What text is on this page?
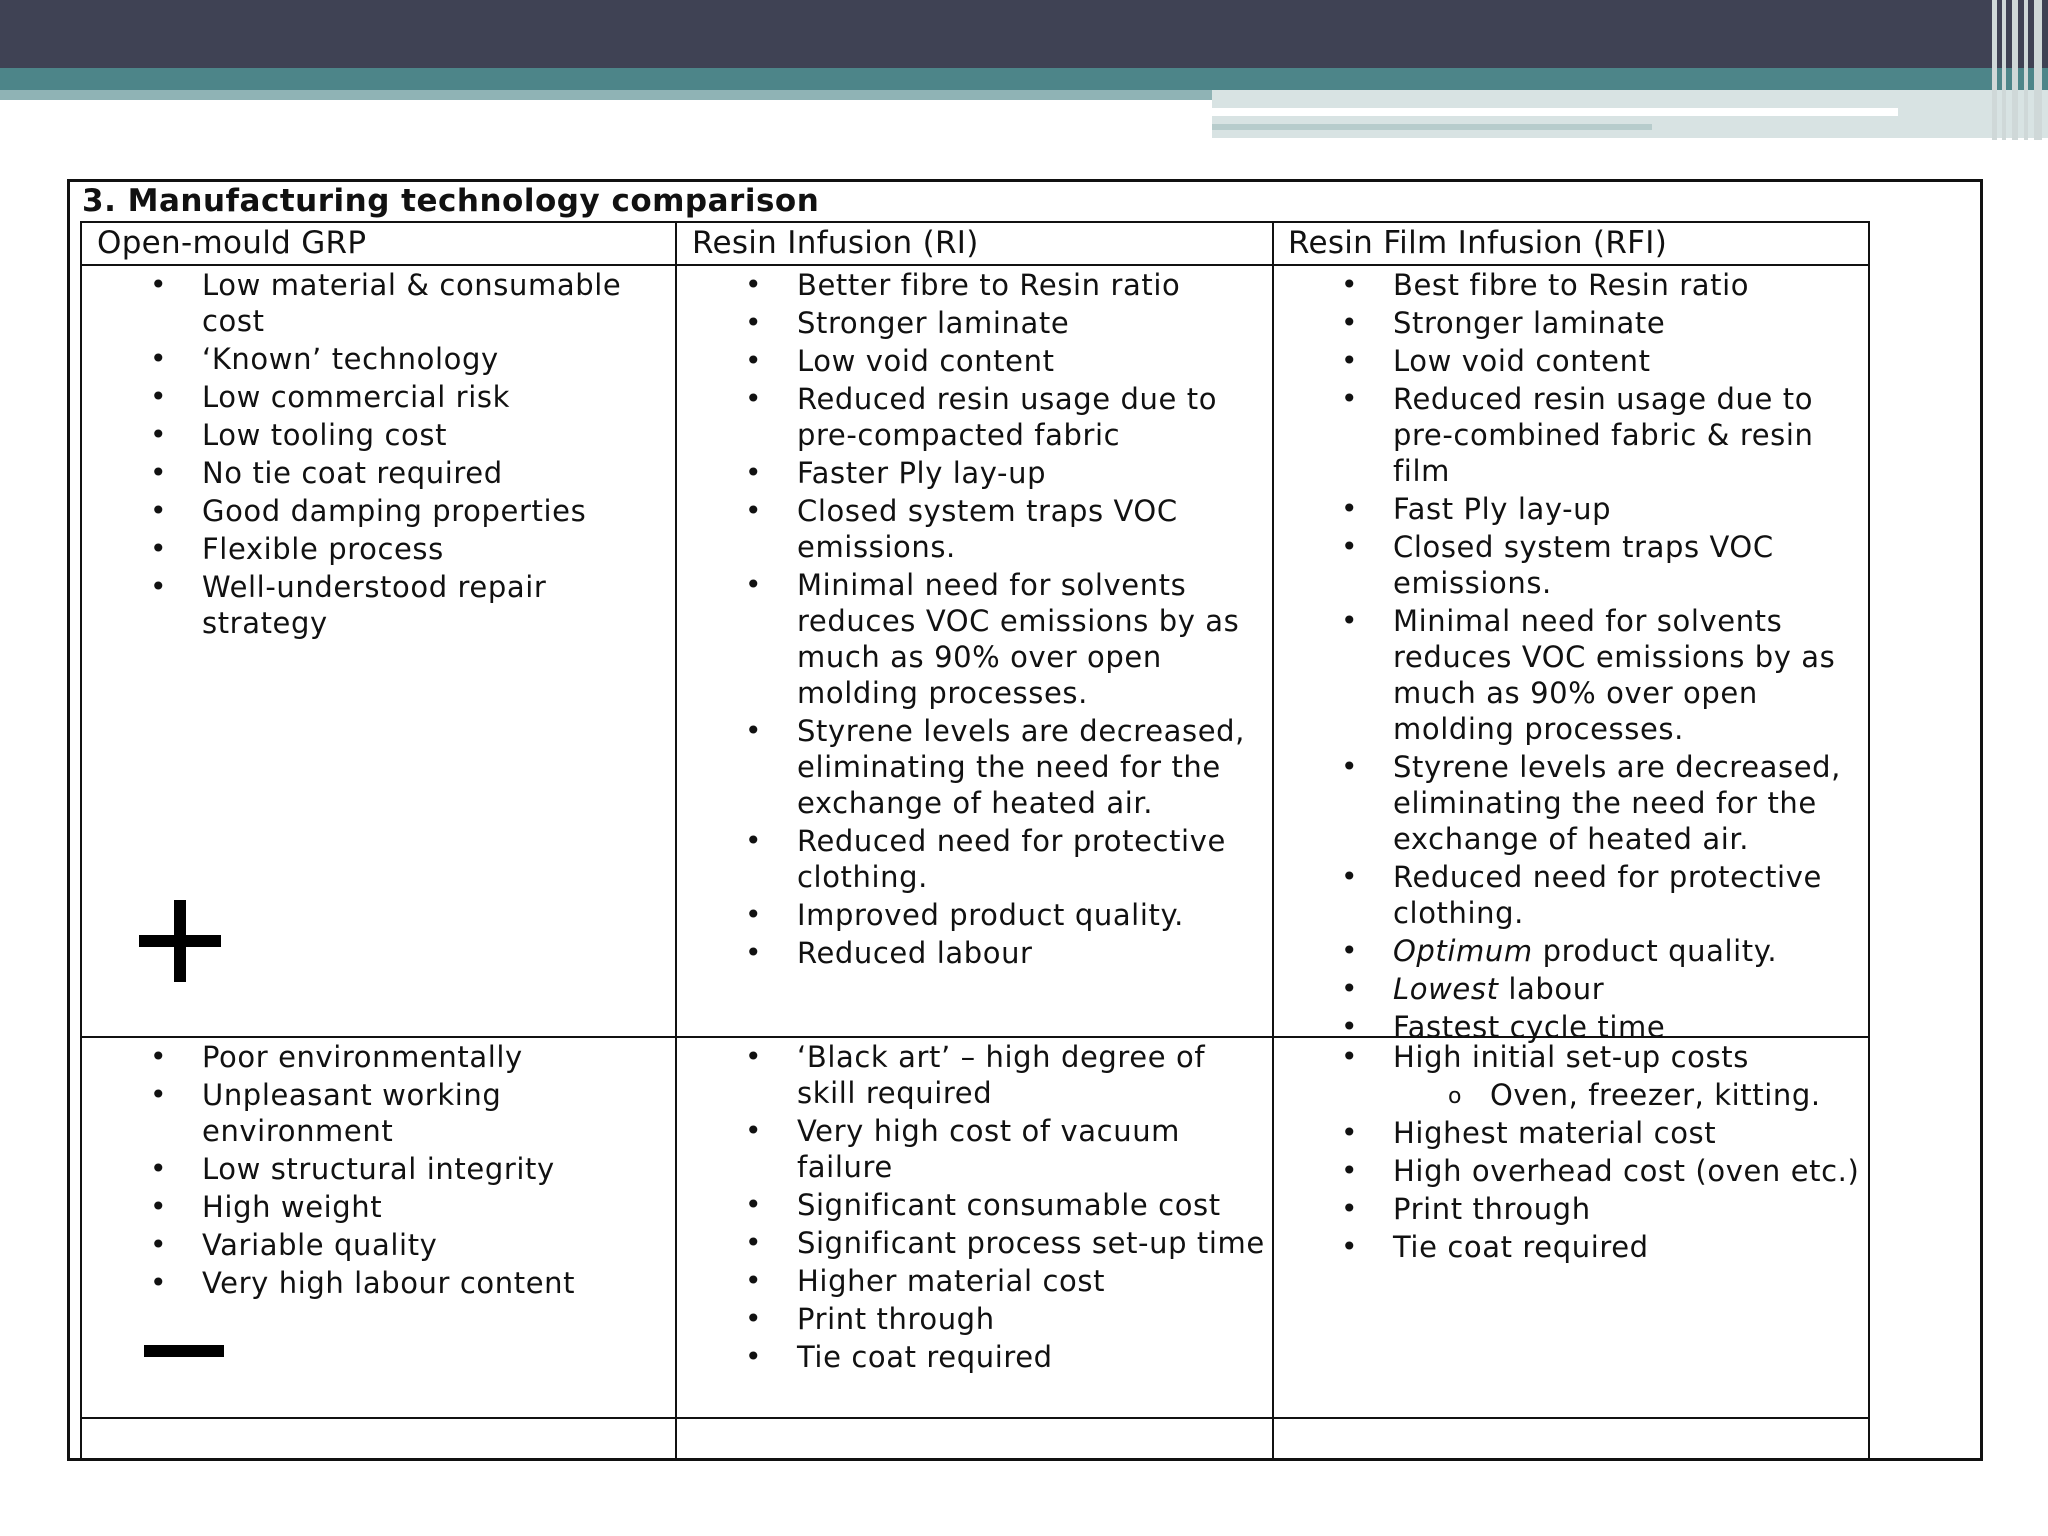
3. Manufacturing technology comparison
Open-mould GRP	Resin Infusion (RI)	Resin Film Infusion (RFI)
• Low material & consumable cost
• ‘Known’ technology
• Low commercial risk
• Low tooling cost
• No tie coat required
• Good damping properties
• Flexible process
• Well-understood repair strategy
• Better fibre to Resin ratio
• Stronger laminate
• Low void content
• Reduced resin usage due to pre-compacted fabric
• Faster Ply lay-up
• Closed system traps VOC emissions.
• Minimal need for solvents reduces VOC emissions by as much as 90% over open molding processes.
• Styrene levels are decreased, eliminating the need for the exchange of heated air.
• Reduced need for protective clothing.
• Improved product quality.
• Reduced labour
• Best fibre to Resin ratio
• Stronger laminate
• Low void content
• Reduced resin usage due to pre-combined fabric & resin film
• Fast Ply lay-up
• Closed system traps VOC emissions.
• Minimal need for solvents reduces VOC emissions by as much as 90% over open molding processes.
• Styrene levels are decreased, eliminating the need for the exchange of heated air.
• Reduced need for protective clothing.
• Optimum product quality.
• Lowest labour
• Fastest cycle time
• Poor environmentally
• Unpleasant working environment
• Low structural integrity
• High weight
• Variable quality
• Very high labour content
• ‘Black art’ – high degree of skill required
• Very high cost of vacuum failure
• Significant consumable cost
• Significant process set-up time
• Higher material cost
• Print through
• Tie coat required
• High initial set-up costs
o Oven, freezer, kitting.
• Highest material cost
• High overhead cost (oven etc.)
• Print through
• Tie coat required
